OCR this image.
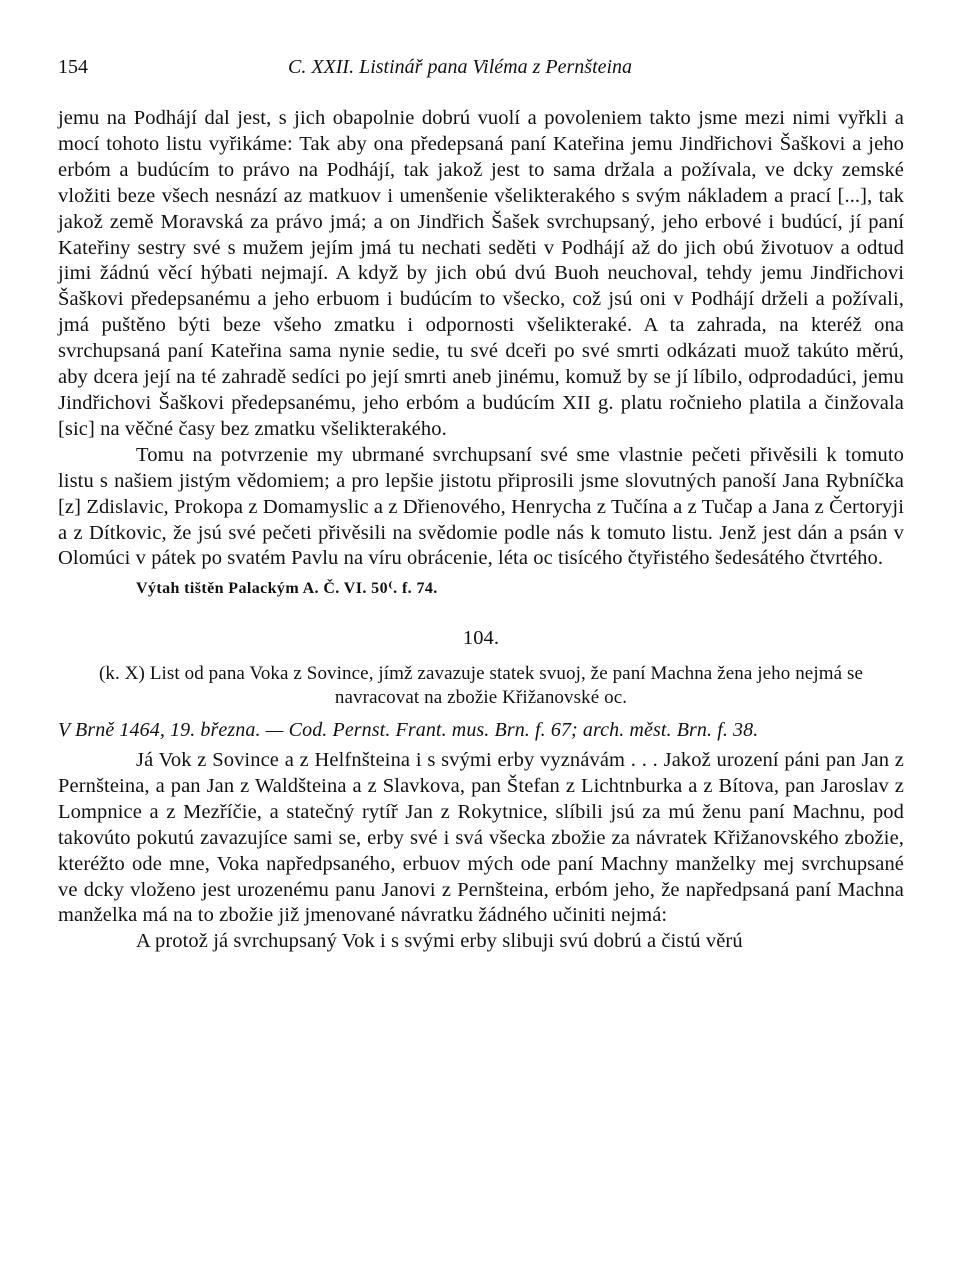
154	C. XXII. Listinář pana Viléma z Pernšteina

jemu na Podhájí dal jest, s jich obapolnie dobrú vuolí a povoleniem takto jsme mezi nimi vyřkli a mocí tohoto listu vyřikáme: Tak aby ona předepsaná paní Kateřina jemu Jindřichovi Šaškovi a jeho erbóm a budúcím to právo na Podhájí, tak jakož jest to sama držala a požívala, ve dcky zemské vložiti beze všech nesnází az matkuov i umenšenie všelikterakého s svým nákladem a prací [...], tak jakož země Moravská za právo jmá; a on Jindřich Šašek svrchupsaný, jeho erbové i budúcí, jí paní Kateřiny sestry své s mužem jejím jmá tu nechati seděti v Podhájí až do jich obú životuov a odtud jimi žádnú věcí hýbati nejmají. A když by jich obú dvú Buoh neuchoval, tehdy jemu Jindřichovi Šaškovi předepsanému a jeho erbuom i budúcím to všecko, což jsú oni v Podhájí drželi a požívali, jmá puštěno býti beze všeho zmatku i odpornosti všelikteraké. A ta zahrada, na kteréž ona svrchupsaná paní Kateřina sama nynie sedie, tu své dceři po své smrti odkázati muož takúto měrú, aby dcera její na té zahradě sedíci po její smrti aneb jinému, komuž by se jí líbilo, odprodadúci, jemu Jindřichovi Šaškovi předepsanému, jeho erbóm a budúcím XII g. platu ročnieho platila a činžovala [sic] na věčné časy bez zmatku všelikterakého.

Tomu na potvrzenie my ubrmané svrchupsaní své sme vlastnie pečeti přivěsili k tomuto listu s našiem jistým vědomiem; a pro lepšie jistotu připrosili jsme slovutných panoší Jana Rybníčka [z] Zdislavic, Prokopa z Domamyslic a z Dřienového, Henrycha z Tučína a z Tučap a Jana z Čertoryji a z Dítkovic, že jsú své pečeti přivěsili na svědomie podle nás k tomuto listu. Jenž jest dán a psán v Olomúci v pátek po svatém Pavlu na víru obrácenie, léta oc tisícého čtyřistého šedesátého čtvrtého.

Výtah tištěn Palackým A. Č. VI. 50⁽. f. 74.

104.

(k. X) List od pana Voka z Sovince, jímž zavazuje statek svuoj, že paní Machna žena jeho nejmá se navracovat na zbožie Křižanovské oc.

V Brně 1464, 19. března. — Cod. Pernst. Frant. mus. Brn. f. 67; arch. měst. Brn. f. 38.

Já Vok z Sovince a z Helfnšteina i s svými erby vyznávám . . . Jakož urození páni pan Jan z Pernšteina, a pan Jan z Waldšteina a z Slavkova, pan Štefan z Lichtnburka a z Bítova, pan Jaroslav z Lompnice a z Mezříčie, a statečný rytíř Jan z Rokytnice, slíbili jsú za mú ženu paní Machnu, pod takovúto pokutú zavazujíce sami se, erby své i svá všecka zbožie za návratek Křižanovského zbožie, kteréžto ode mne, Voka napředpsaného, erbuov mých ode paní Machny manželky mej svrchupsané ve dcky vloženo jest urozenému panu Janovi z Pernšteina, erbóm jeho, že napředpsaná paní Machna manželka má na to zbožie již jmenované návratku žádného učiniti nejmá:

A protož já svrchupsaný Vok i s svými erby slibuji svú dobrú a čistú věrú
